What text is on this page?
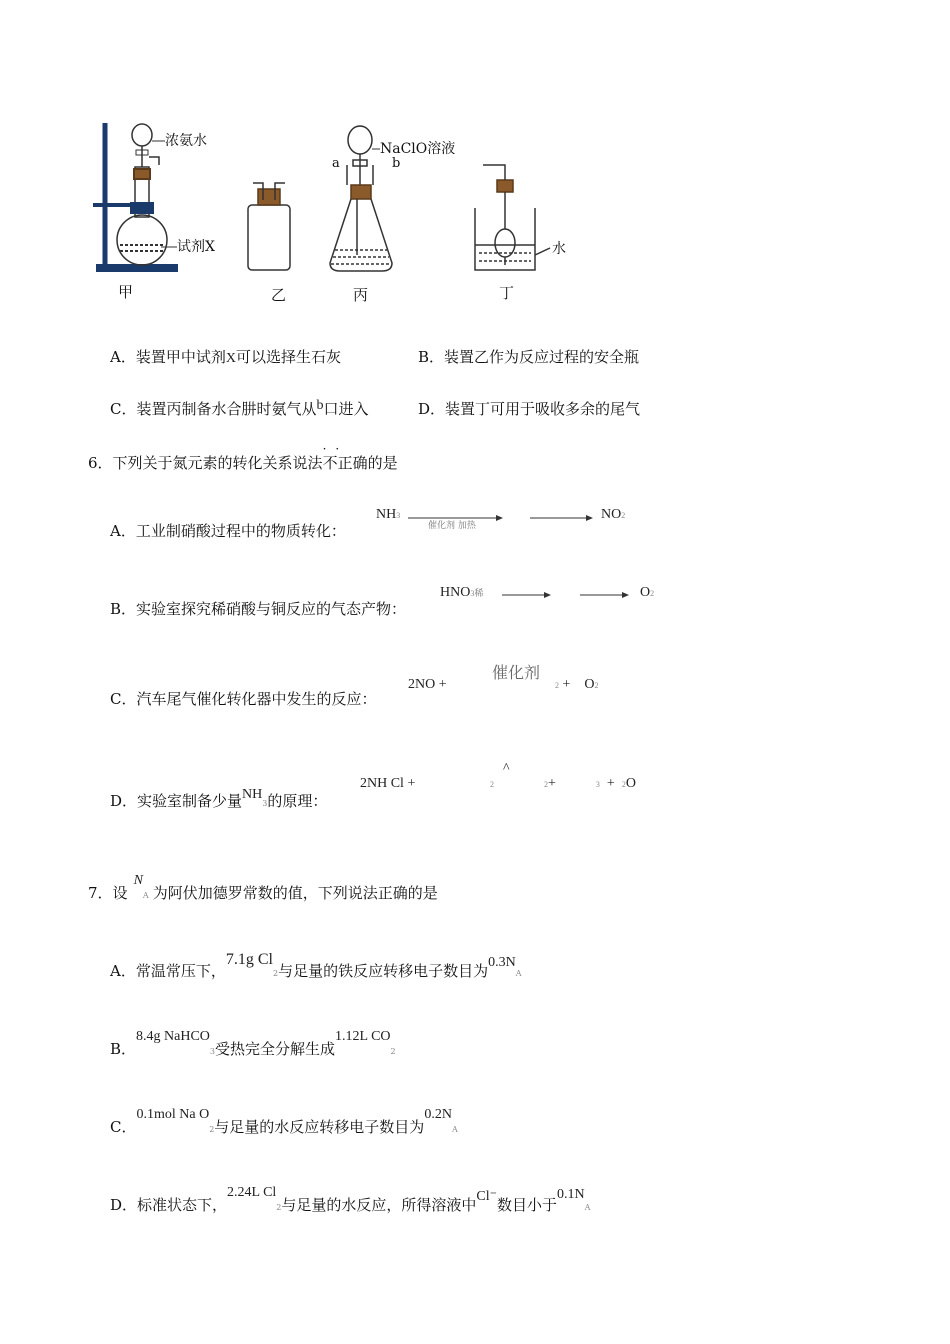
浓氨水
试剂X
NaClO溶液
a	b
水
甲	乙	丙	丁
A．装置甲中试剂X可以选择生石灰	B．装置乙作为反应过程的安全瓶
C．装置丙制备水合肼时氨气从b口进入	D．装置丁可用于吸收多余的尾气
6．下列关于氮元素的转化关系说法
··
不正确的是
A．工业制硝酸过程中的物质转化：
NH3
催化剂 加热
NO2
B．实验室探究稀硝酸与铜反应的气态产物：
HNO3稀	O2
C．汽车尾气催化转化器中发生的反应：
2NO +
催化剂
2 + O2
D．实验室制备少量NH3的原理：
2NH Cl +
^
2	2+	3 + 2O
7．设NA 为阿伏加德罗常数的值，下列说法正确的是
A．常温常压下，7.1g Cl2与足量的铁反应转移电子数目为0.3NA
B．8.4g NaHCO3受热完全分解生成1.12L CO2
C．0.1mol Na O2与足量的水反应转移电子数目为0.2NA
D．标准状态下，2.24L Cl2与足量的水反应，所得溶液中Cl⁻数目小于0.1NA
